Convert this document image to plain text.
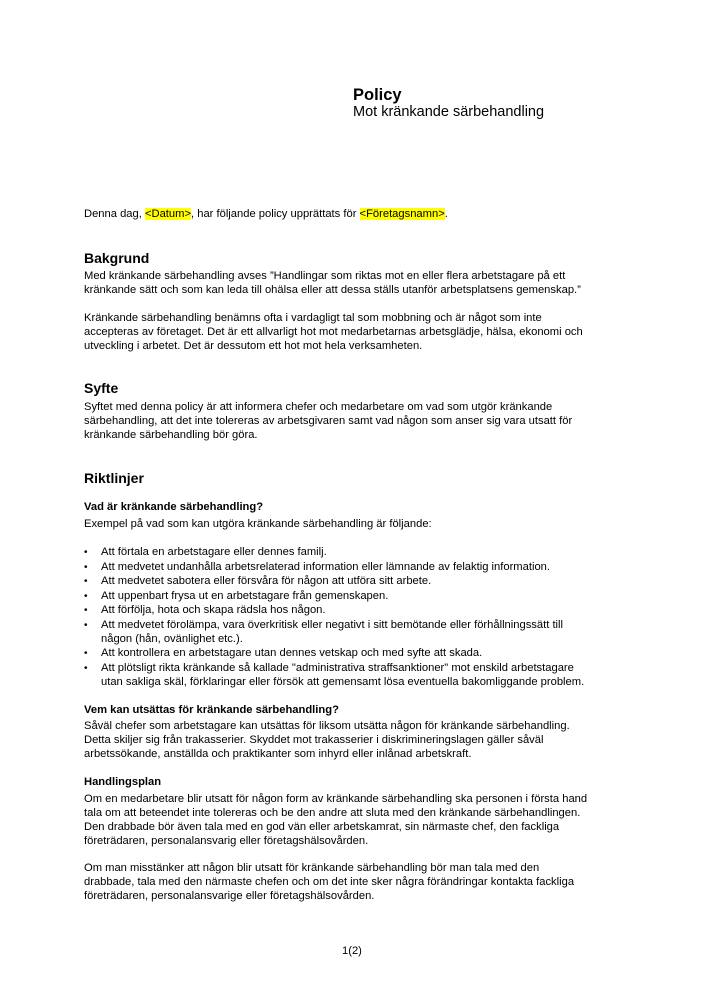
Policy
Mot kränkande särbehandling
Denna dag, <Datum>, har följande policy upprättats för <Företagsnamn>.
Bakgrund
Med kränkande särbehandling avses ”Handlingar som riktas mot en eller flera arbetstagare på ett
kränkande sätt och som kan leda till ohälsa eller att dessa ställs utanför arbetsplatsens gemenskap.”
Kränkande särbehandling benämns ofta i vardagligt tal som mobbning och är något som inte
accepteras av företaget. Det är ett allvarligt hot mot medarbetarnas arbetsglädje, hälsa, ekonomi och
utveckling i arbetet. Det är dessutom ett hot mot hela verksamheten.
Syfte
Syftet med denna policy är att informera chefer och medarbetare om vad som utgör kränkande
särbehandling, att det inte tolereras av arbetsgivaren samt vad någon som anser sig vara utsatt för
kränkande särbehandling bör göra.
Riktlinjer
Vad är kränkande särbehandling?
Exempel på vad som kan utgöra kränkande särbehandling är följande:
• Att förtala en arbetstagare eller dennes familj.
• Att medvetet undanhålla arbetsrelaterad information eller lämnande av felaktig information.
• Att medvetet sabotera eller försvåra för någon att utföra sitt arbete.
• Att uppenbart frysa ut en arbetstagare från gemenskapen.
• Att förfölja, hota och skapa rädsla hos någon.
• Att medvetet förolämpa, vara överkritisk eller negativt i sitt bemötande eller förhållningssätt till
någon (hån, ovänlighet etc.).
• Att kontrollera en arbetstagare utan dennes vetskap och med syfte att skada.
• Att plötsligt rikta kränkande så kallade "administrativa straffsanktioner" mot enskild arbetstagare
utan sakliga skäl, förklaringar eller försök att gemensamt lösa eventuella bakomliggande problem.
Vem kan utsättas för kränkande särbehandling?
Såväl chefer som arbetstagare kan utsättas för liksom utsätta någon för kränkande särbehandling.
Detta skiljer sig från trakasserier. Skyddet mot trakasserier i diskrimineringslagen gäller såväl
arbetssökande, anställda och praktikanter som inhyrd eller inlånad arbetskraft.
Handlingsplan
Om en medarbetare blir utsatt för någon form av kränkande särbehandling ska personen i första hand
tala om att beteendet inte tolereras och be den andre att sluta med den kränkande särbehandlingen.
Den drabbade bör även tala med en god vän eller arbetskamrat, sin närmaste chef, den fackliga
företrädaren, personalansvarig eller företagshälsovården.
Om man misstänker att någon blir utsatt för kränkande särbehandling bör man tala med den
drabbade, tala med den närmaste chefen och om det inte sker några förändringar kontakta fackliga
företrädaren, personalansvarige eller företagshälsovården.
1(2)
